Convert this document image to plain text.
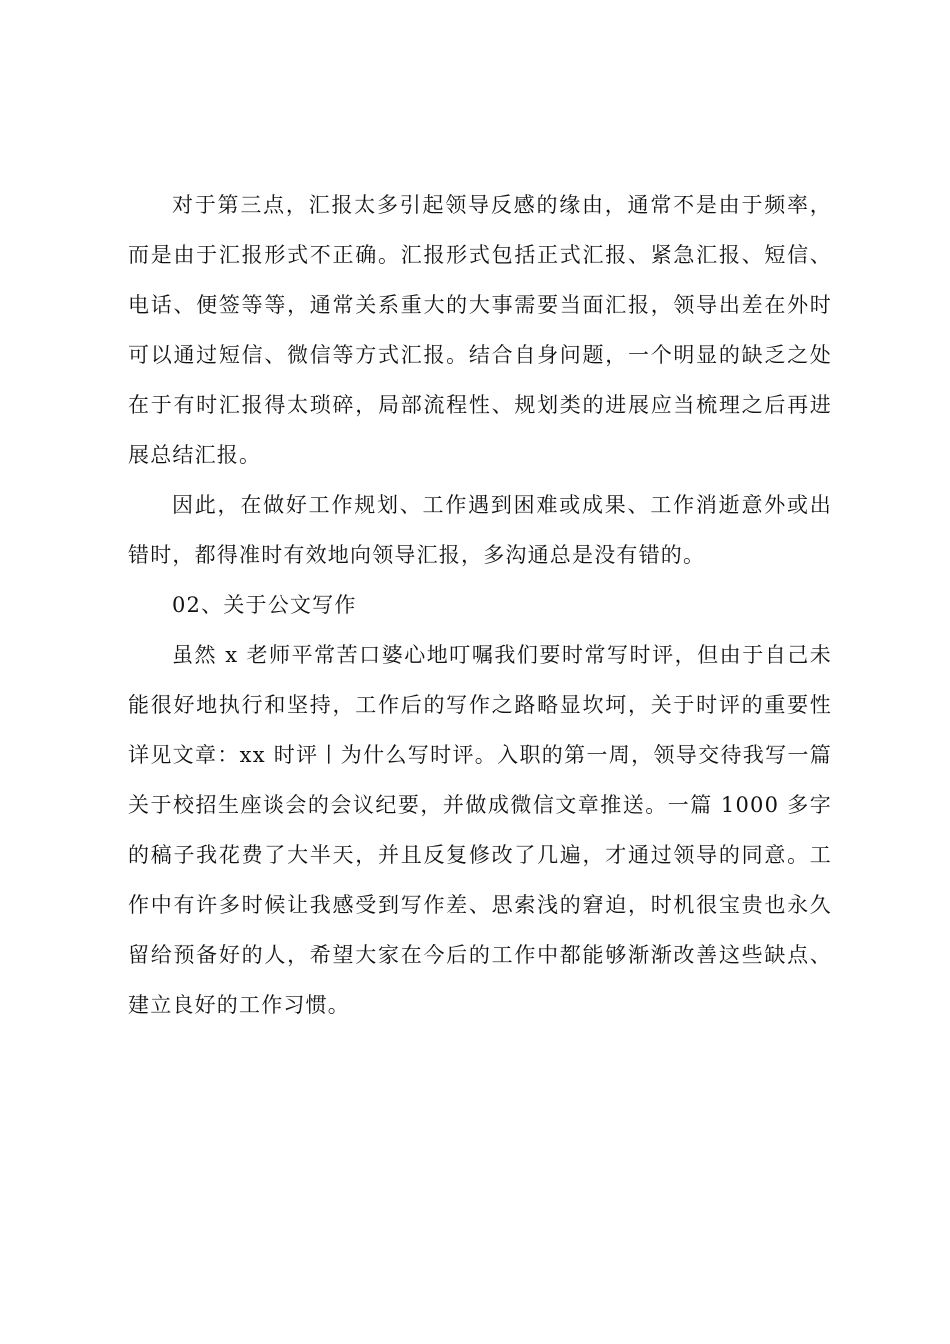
对于第三点，汇报太多引起领导反感的缘由，通常不是由于频率，而是由于汇报形式不正确。汇报形式包括正式汇报、紧急汇报、短信、电话、便签等等，通常关系重大的大事需要当面汇报，领导出差在外时可以通过短信、微信等方式汇报。结合自身问题，一个明显的缺乏之处在于有时汇报得太琐碎，局部流程性、规划类的进展应当梳理之后再进展总结汇报。

因此，在做好工作规划、工作遇到困难或成果、工作消逝意外或出错时，都得准时有效地向领导汇报，多沟通总是没有错的。

02、关于公文写作

虽然 x 老师平常苦口婆心地叮嘱我们要时常写时评，但由于自己未能很好地执行和坚持，工作后的写作之路略显坎坷，关于时评的重要性详见文章：xx 时评丨为什么写时评。入职的第一周，领导交待我写一篇关于校招生座谈会的会议纪要，并做成微信文章推送。一篇 1000 多字的稿子我花费了大半天，并且反复修改了几遍，才通过领导的同意。工作中有许多时候让我感受到写作差、思索浅的窘迫，时机很宝贵也永久留给预备好的人，希望大家在今后的工作中都能够渐渐改善这些缺点、建立良好的工作习惯。
